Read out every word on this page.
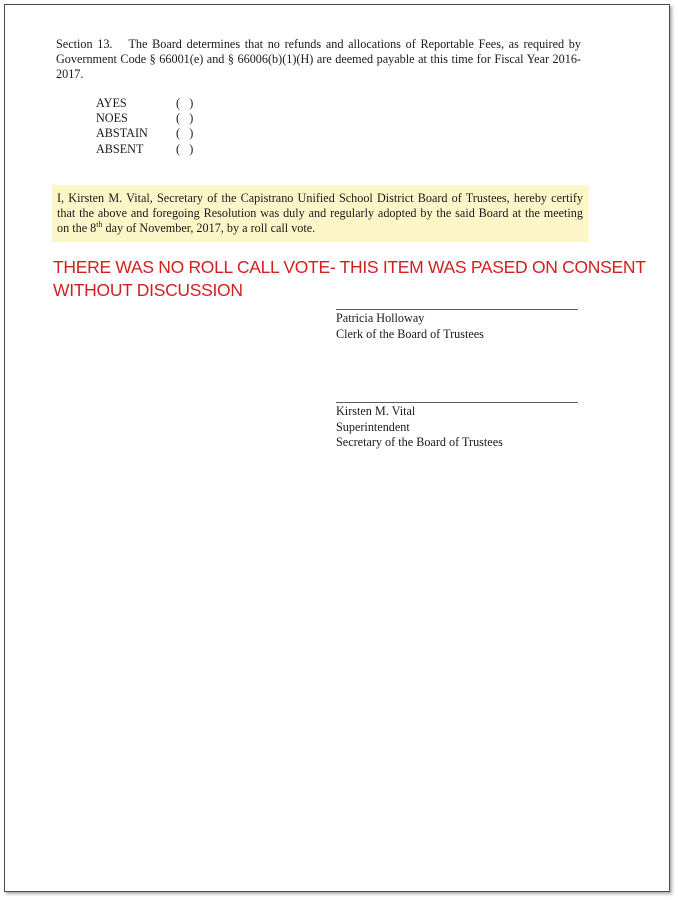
Section 13. The Board determines that no refunds and allocations of Reportable Fees, as required by Government Code § 66001(e) and § 66006(b)(1)(H) are deemed payable at this time for Fiscal Year 2016-2017.

AYES	(   )
NOES	(   )
ABSTAIN	(   )
ABSENT	(   )
I, Kirsten M. Vital, Secretary of the Capistrano Unified School District Board of Trustees, hereby certify that the above and foregoing Resolution was duly and regularly adopted by the said Board at the meeting on the 8th day of November, 2017, by a roll call vote.
THERE WAS NO ROLL CALL VOTE- THIS ITEM WAS PASED ON CONSENT
WITHOUT DISCUSSION
Patricia Holloway
Clerk of the Board of Trustees
Kirsten M. Vital
Superintendent
Secretary of the Board of Trustees
